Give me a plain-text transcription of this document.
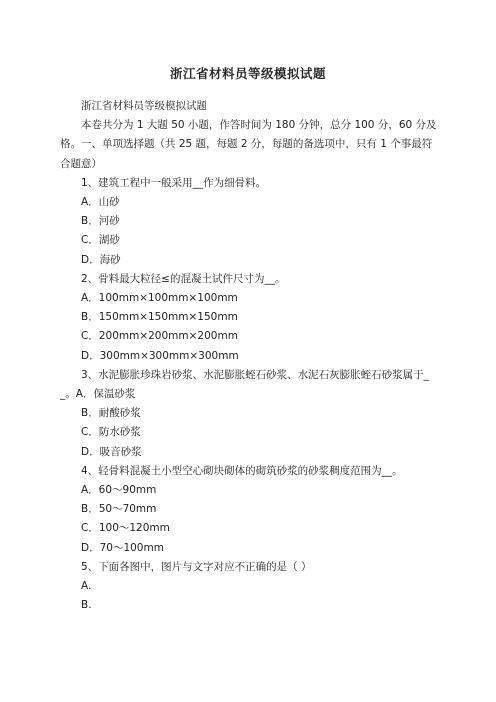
浙江省材料员等级模拟试题

浙江省材料员等级模拟试题

本卷共分为 1 大题 50 小题，作答时间为 180 分钟，总分 100 分，60 分及格。一、单项选择题（共 25 题，每题 2 分，每题的备选项中，只有 1 个事最符合题意）

1、建筑工程中一般采用__作为细骨料。

A．山砂

B．河砂

C．湖砂

D．海砂

2、骨料最大粒径≤的混凝土试件尺寸为__。

A．100mm×100mm×100mm

B．150mm×150mm×150mm

C．200mm×200mm×200mm

D．300mm×300mm×300mm

3、水泥膨胀珍珠岩砂浆、水泥膨胀蛭石砂浆、水泥石灰膨胀蛭石砂浆属于__。A．保温砂浆

B．耐酸砂浆

C．防水砂浆

D．吸音砂浆

4、轻骨料混凝土小型空心砌块砌体的砌筑砂浆的砂浆稠度范围为__。

A．60～90mm

B．50～70mm

C．100～120mm

D．70～100mm

5、下面各图中，图片与文字对应不正确的是（ ）

A.

B.
